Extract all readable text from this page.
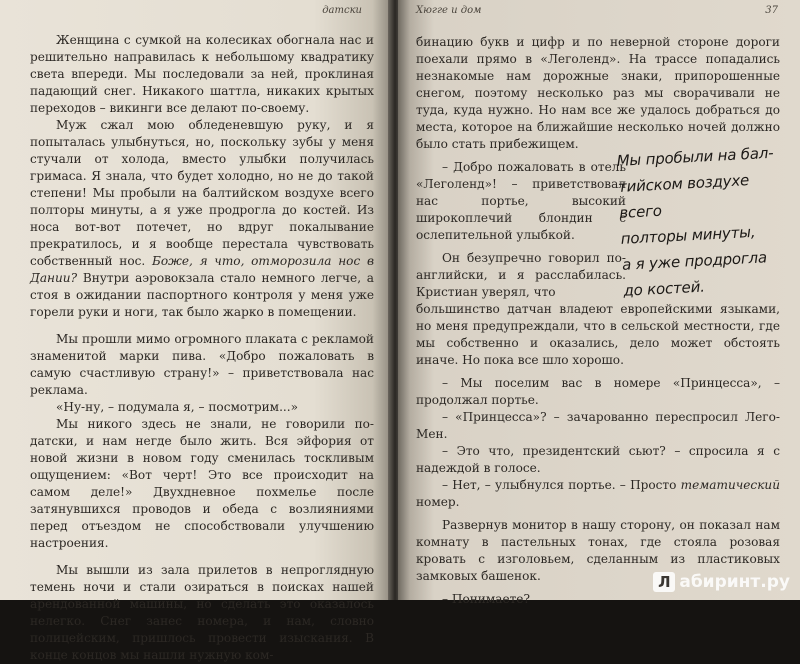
датски

Женщина с сумкой на колесиках обогнала нас и решительно направилась к небольшому квадратику света впереди. Мы последовали за ней, проклиная падающий снег. Никакого шаттла, никаких крытых переходов – викинги все делают по-своему.

Муж сжал мою обледеневшую руку, и я попыталась улыбнуться, но, поскольку зубы у меня стучали от холода, вместо улыбки получилась гримаса. Я знала, что будет холодно, но не до такой степени! Мы пробыли на балтийском воздухе всего полторы минуты, а я уже продрогла до костей. Из носа вот-вот потечет, но вдруг покалывание прекратилось, и я вообще перестала чувствовать собственный нос. Боже, я что, отморозила нос в Дании? Внутри аэровокзала стало немного легче, а стоя в ожидании паспортного контроля у меня уже горели руки и ноги, так было жарко в помещении.

Мы прошли мимо огромного плаката с рекламой знаменитой марки пива. «Добро пожаловать в самую счастливую страну!» – приветствовала нас реклама.

«Ну-ну, – подумала я, – посмотрим...»

Мы никого здесь не знали, не говорили по-датски, и нам негде было жить. Вся эйфория от новой жизни в новом году сменилась тоскливым ощущением: «Вот черт! Это все происходит на самом деле!» Двухдневное похмелье после затянувшихся проводов и обеда с возлияниями перед отъездом не способствовали улучшению настроения.

Мы вышли из зала прилетов в непроглядную темень ночи и стали озираться в поисках нашей арендованной машины, но сделать это оказалось нелегко. Снег занес номера, и нам, словно полицейским, пришлось провести изыскания. В конце концов мы нашли нужную ком-

Хюгге и дом	37

бинацию букв и цифр и по неверной стороне дороги поехали прямо в «Леголенд». На трассе попадались незнакомые нам дорожные знаки, припорошенные снегом, поэтому несколько раз мы сворачивали не туда, куда нужно. Но нам все же удалось добраться до места, которое на ближайшие несколько ночей должно было стать прибежищем.

– Добро пожаловать в отель «Леголенд»! – приветствовал нас портье, высокий широкоплечий блондин с ослепительной улыбкой.

Он безупречно говорил по-английски, и я расслабилась. Кристиан уверял, что

большинство датчан владеют европейскими языками, но меня предупреждали, что в сельской местности, где мы собственно и оказались, дело может обстоять иначе. Но пока все шло хорошо.

– Мы поселим вас в номере «Принцесса», – продолжал портье.

– «Принцесса»? – зачарованно переспросил Лего-Мен.

– Это что, президентский сьют? – спросила я с надеждой в голосе.

– Нет, – улыбнулся портье. – Просто тематический номер.

Развернув монитор в нашу сторону, он показал нам комнату в пастельных тонах, где стояла розовая кровать с изголовьем, сделанным из пластиковых замковых башенок.

– Понимаете?

Мы пробыли на бал-
тийском воздухе всего
полторы минуты,
а я уже продрогла
до костей.
Л абиринт.ру
